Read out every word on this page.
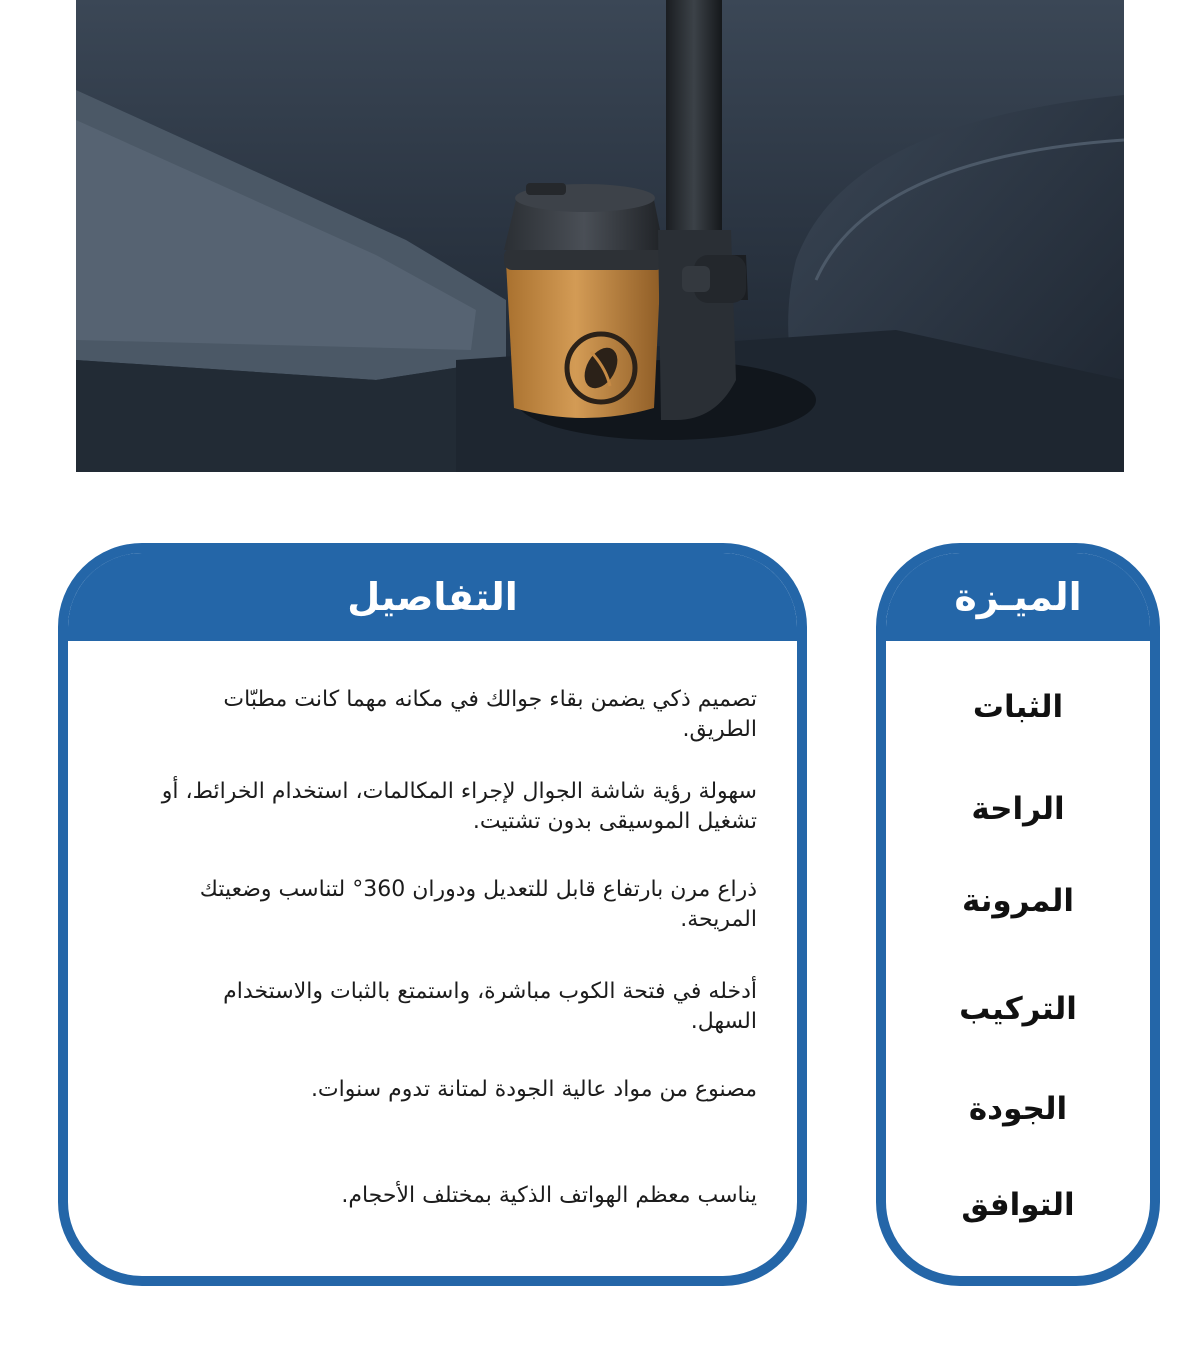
التفاصيل
تصميم ذكي يضمن بقاء جوالك في مكانه مهما كانت مطبّات الطريق.
سهولة رؤية شاشة الجوال لإجراء المكالمات، استخدام الخرائط، أو تشغيل الموسيقى بدون تشتيت.
ذراع مرن بارتفاع قابل للتعديل ودوران 360° لتناسب وضعيتك المريحة.
أدخله في فتحة الكوب مباشرة، واستمتع بالثبات والاستخدام السهل.
مصنوع من مواد عالية الجودة لمتانة تدوم سنوات.
يناسب معظم الهواتف الذكية بمختلف الأحجام.
الميـزة
الثبات
الراحة
المرونة
التركيب
الجودة
التوافق
